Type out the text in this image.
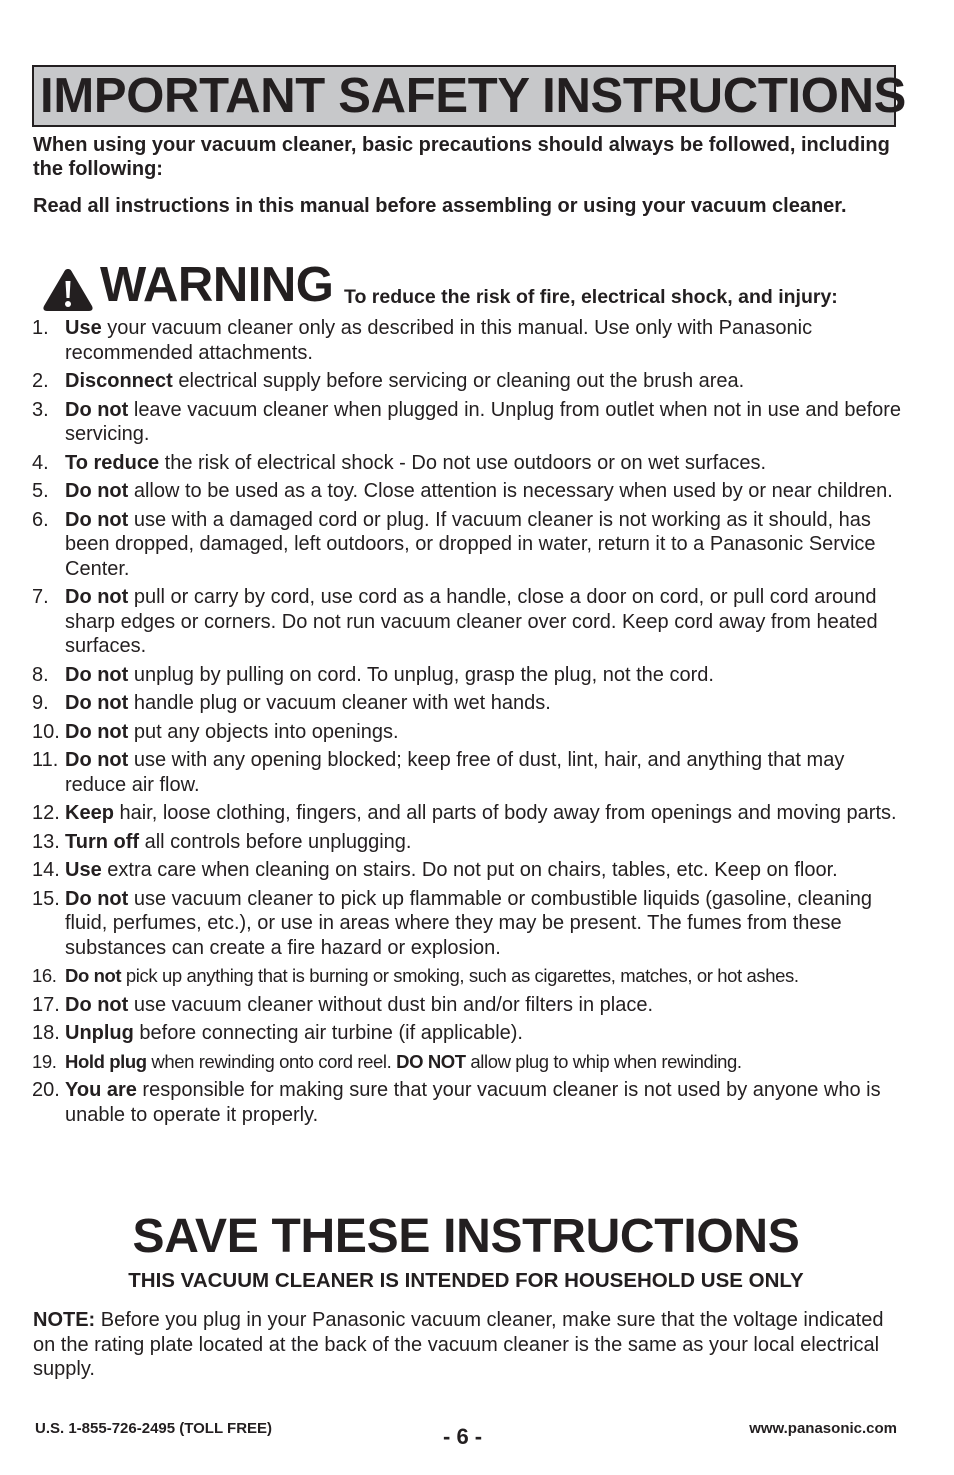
IMPORTANT SAFETY INSTRUCTIONS

When using your vacuum cleaner, basic precautions should always be followed, including the following:

Read all instructions in this manual before assembling or using your vacuum cleaner.

WARNING To reduce the risk of fire, electrical shock, and injury:
1. Use your vacuum cleaner only as described in this manual. Use only with Panasonic recommended attachments.
2. Disconnect electrical supply before servicing or cleaning out the brush area.
3. Do not leave vacuum cleaner when plugged in. Unplug from outlet when not in use and before servicing.
4. To reduce the risk of electrical shock - Do not use outdoors or on wet surfaces.
5. Do not allow to be used as a toy. Close attention is necessary when used by or near children.
6. Do not use with a damaged cord or plug. If vacuum cleaner is not working as it should, has been dropped, damaged, left outdoors, or dropped in water, return it to a Panasonic Service Center.
7. Do not pull or carry by cord, use cord as a handle, close a door on cord, or pull cord around sharp edges or corners. Do not run vacuum cleaner over cord. Keep cord away from heated surfaces.
8. Do not unplug by pulling on cord. To unplug, grasp the plug, not the cord.
9. Do not handle plug or vacuum cleaner with wet hands.
10. Do not put any objects into openings.
11. Do not use with any opening blocked; keep free of dust, lint, hair, and anything that may reduce air flow.
12. Keep hair, loose clothing, fingers, and all parts of body away from openings and moving parts.
13. Turn off all controls before unplugging.
14. Use extra care when cleaning on stairs. Do not put on chairs, tables, etc. Keep on floor.
15. Do not use vacuum cleaner to pick up flammable or combustible liquids (gasoline, cleaning fluid, perfumes, etc.), or use in areas where they may be present. The fumes from these substances can create a fire hazard or explosion.
16. Do not pick up anything that is burning or smoking, such as cigarettes, matches, or hot ashes.
17. Do not use vacuum cleaner without dust bin and/or filters in place.
18. Unplug before connecting air turbine (if applicable).
19. Hold plug when rewinding onto cord reel. DO NOT allow plug to whip when rewinding.
20. You are responsible for making sure that your vacuum cleaner is not used by anyone who is unable to operate it properly.
SAVE THESE INSTRUCTIONS
THIS VACUUM CLEANER IS INTENDED FOR HOUSEHOLD USE ONLY

NOTE: Before you plug in your Panasonic vacuum cleaner, make sure that the voltage indicated on the rating plate located at the back of the vacuum cleaner is the same as your local electrical supply.

U.S. 1-855-726-2495 (TOLL FREE)	- 6 -	www.panasonic.com
